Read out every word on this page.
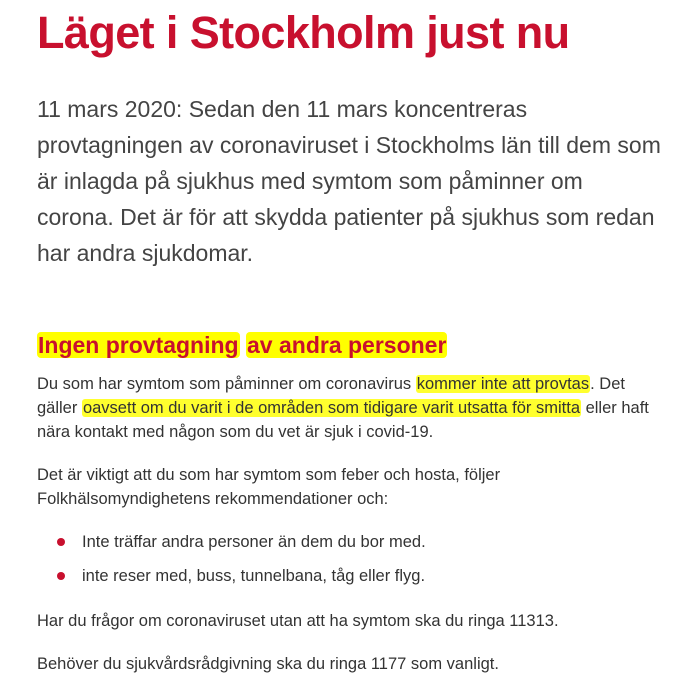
Läget i Stockholm just nu

11 mars 2020: Sedan den 11 mars koncentreras provtagningen av coronaviruset i Stockholms län till dem som är inlagda på sjukhus med symtom som påminner om corona. Det är för att skydda patienter på sjukhus som redan har andra sjukdomar.

Ingen provtagning av andra personer

Du som har symtom som påminner om coronavirus kommer inte att provtas. Det gäller oavsett om du varit i de områden som tidigare varit utsatta för smitta eller haft nära kontakt med någon som du vet är sjuk i covid-19.

Det är viktigt att du som har symtom som feber och hosta, följer Folkhälsomyndighetens rekommendationer och:

Inte träffar andra personer än dem du bor med.
inte reser med, buss, tunnelbana, tåg eller flyg.

Har du frågor om coronaviruset utan att ha symtom ska du ringa 11313.

Behöver du sjukvårdsrådgivning ska du ringa 1177 som vanligt.
